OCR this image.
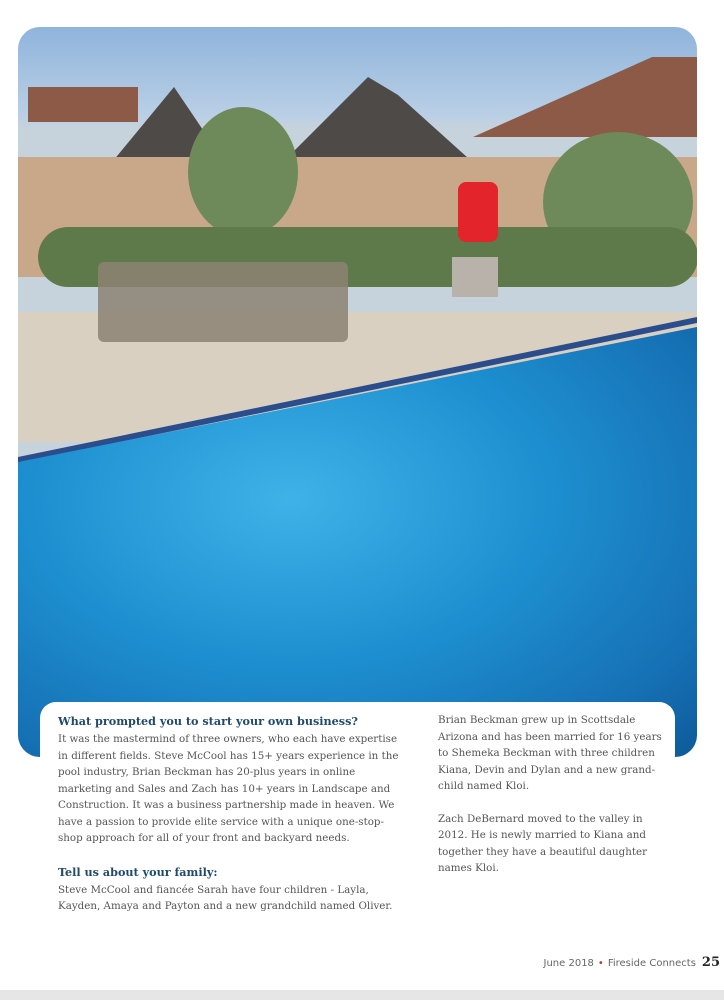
What prompted you to start your own business?

It was the mastermind of three owners, who each have expertise in different fields. Steve McCool has 15+ years experience in the pool industry, Brian Beckman has 20-plus years in online marketing and Sales and Zach has 10+ years in Landscape and Construction. It was a business partnership made in heaven. We have a passion to provide elite service with a unique one-stop-shop approach for all of your front and backyard needs.

Tell us about your family:

Steve McCool and fiancée Sarah have four children - Layla, Kayden, Amaya and Payton and a new grandchild named Oliver.

Brian Beckman grew up in Scottsdale Arizona and has been married for 16 years to Shemeka Beckman with three children Kiana, Devin and Dylan and a new grand-child named Kloi.

Zach DeBernard moved to the valley in 2012. He is newly married to Kiana and together they have a beautiful daughter names Kloi.

June 2018 • Fireside Connects 25
